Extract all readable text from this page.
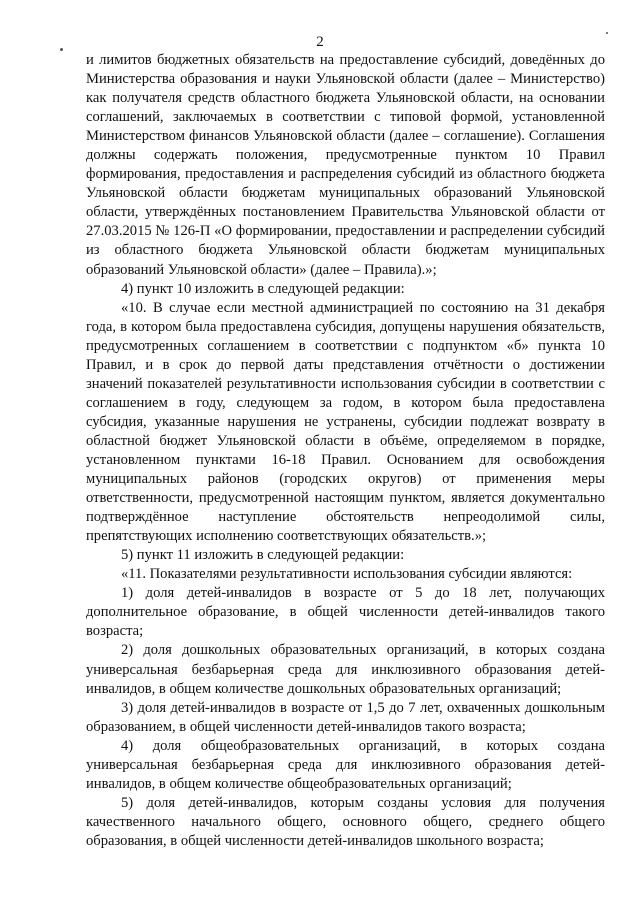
2

и лимитов бюджетных обязательств на предоставление субсидий, доведённых до Министерства образования и науки Ульяновской области (далее – Министерство) как получателя средств областного бюджета Ульяновской области, на основании соглашений, заключаемых в соответствии с типовой формой, установленной Министерством финансов Ульяновской области (далее – соглашение). Соглашения должны содержать положения, предусмотренные пунктом 10 Правил формирования, предоставления и распределения субсидий из областного бюджета Ульяновской области бюджетам муниципальных образований Ульяновской области, утверждённых постановлением Правительства Ульяновской области от 27.03.2015 № 126-П «О формировании, предоставлении и распределении субсидий из областного бюджета Ульяновской области бюджетам муниципальных образований Ульяновской области» (далее – Правила).»;

4) пункт 10 изложить в следующей редакции:

«10. В случае если местной администрацией по состоянию на 31 декабря года, в котором была предоставлена субсидия, допущены нарушения обязательств, предусмотренных соглашением в соответствии с подпунктом «б» пункта 10 Правил, и в срок до первой даты представления отчётности о достижении значений показателей результативности использования субсидии в соответствии с соглашением в году, следующем за годом, в котором была предоставлена субсидия, указанные нарушения не устранены, субсидии подлежат возврату в областной бюджет Ульяновской области в объёме, определяемом в порядке, установленном пунктами 16-18 Правил. Основанием для освобождения муниципальных районов (городских округов) от применения меры ответственности, предусмотренной настоящим пунктом, является документально подтверждённое наступление обстоятельств непреодолимой силы, препятствующих исполнению соответствующих обязательств.»;

5) пункт 11 изложить в следующей редакции:

«11. Показателями результативности использования субсидии являются:

1) доля детей-инвалидов в возрасте от 5 до 18 лет, получающих дополнительное образование, в общей численности детей-инвалидов такого возраста;

2) доля дошкольных образовательных организаций, в которых создана универсальная безбарьерная среда для инклюзивного образования детей-инвалидов, в общем количестве дошкольных образовательных организаций;

3) доля детей-инвалидов в возрасте от 1,5 до 7 лет, охваченных дошкольным образованием, в общей численности детей-инвалидов такого возраста;

4) доля общеобразовательных организаций, в которых создана универсальная безбарьерная среда для инклюзивного образования детей-инвалидов, в общем количестве общеобразовательных организаций;

5) доля детей-инвалидов, которым созданы условия для получения качественного начального общего, основного общего, среднего общего образования, в общей численности детей-инвалидов школьного возраста;
